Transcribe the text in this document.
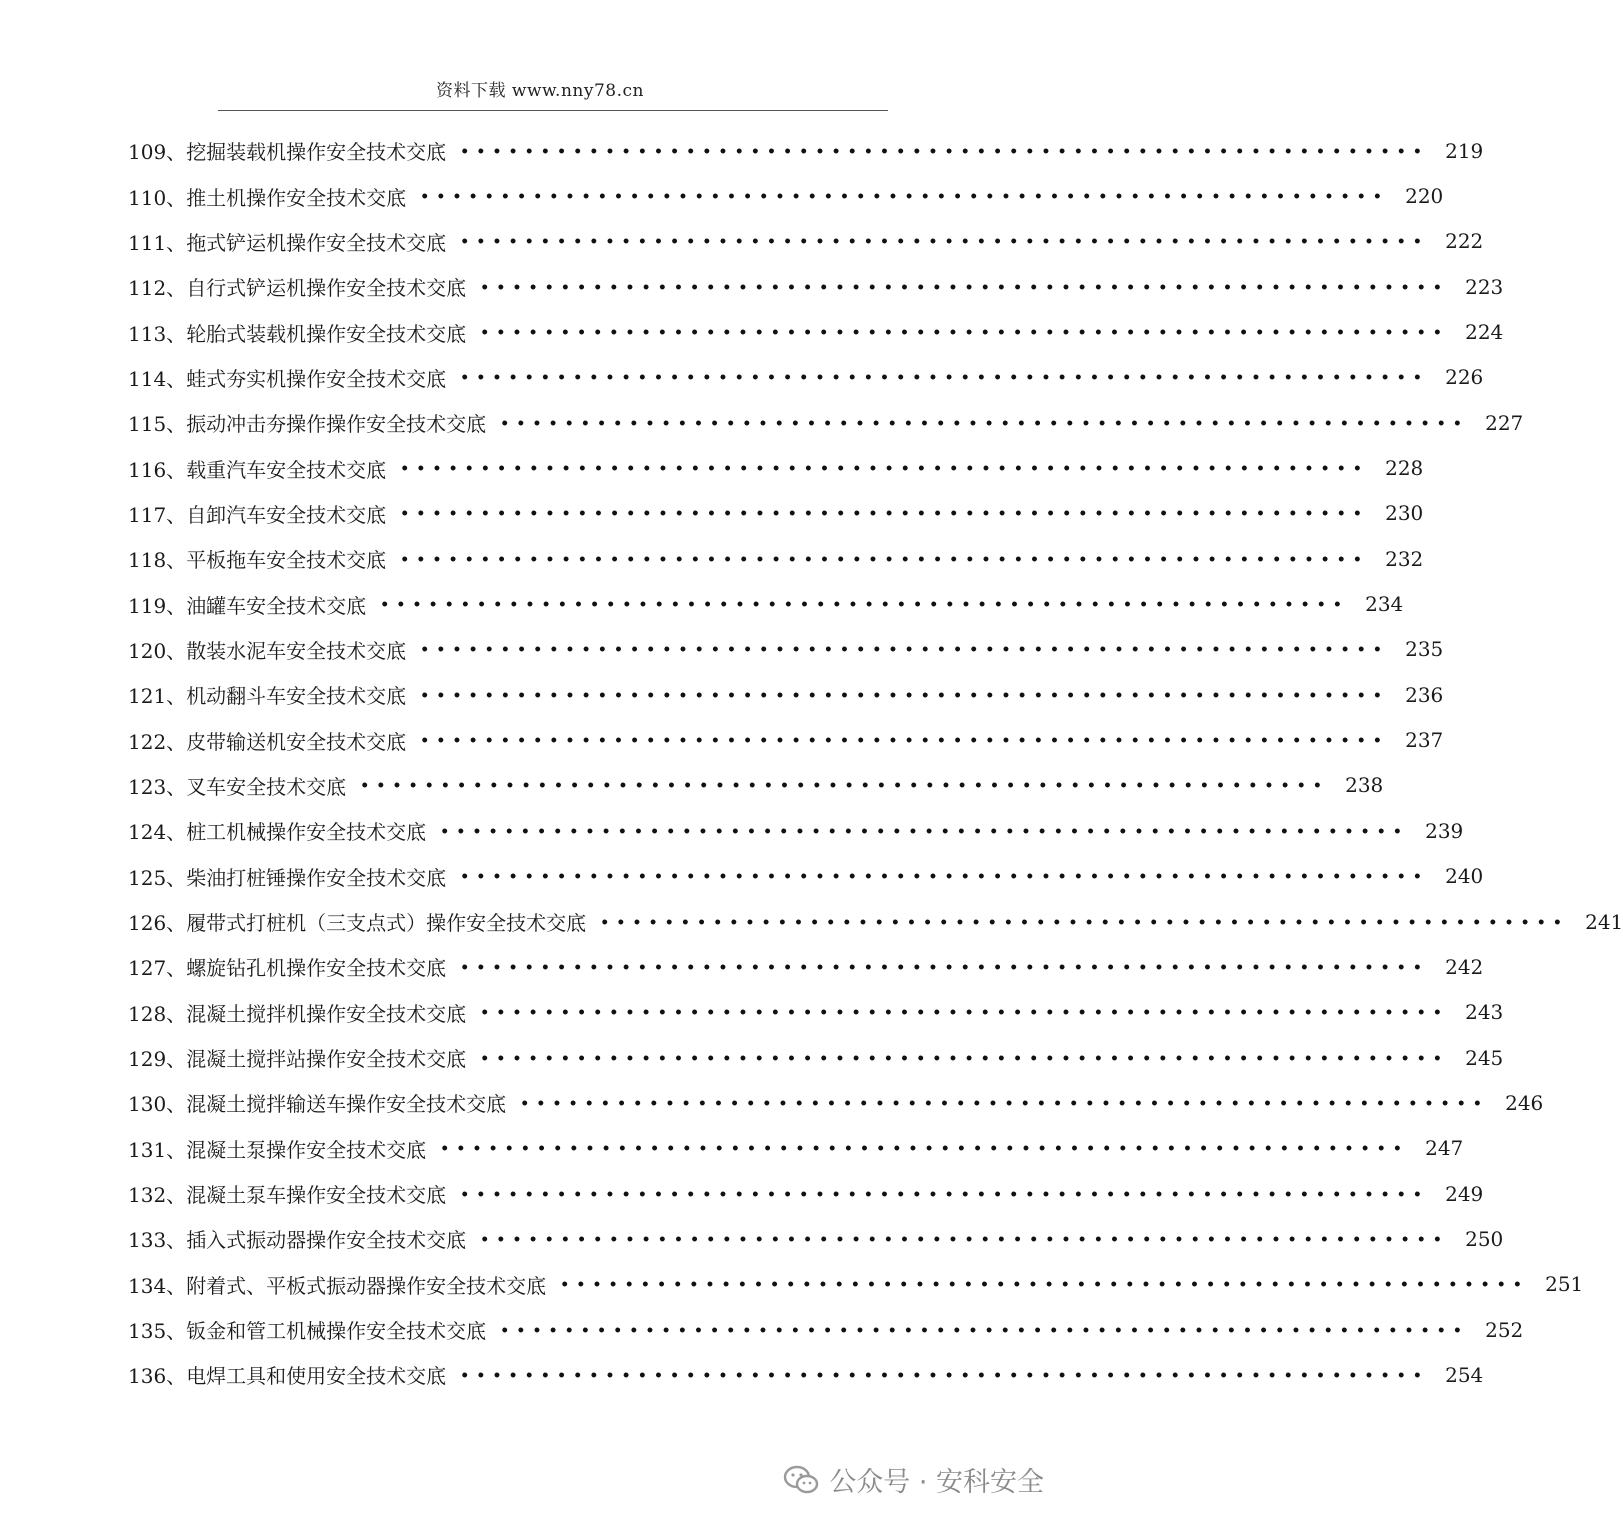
资料下载 www.nny78.cn
109、 挖掘装载机操作安全技术交底 •••••••••••••••••••••••••••••••••••••••••••••••••••••••••••• 219
110、 推土机操作安全技术交底 •••••••••••••••••••••••••••••••••••••••••••••••••••••••••••• 220
111、 拖式铲运机操作安全技术交底 •••••••••••••••••••••••••••••••••••••••••••••••••••••••••••• 222
112、 自行式铲运机操作安全技术交底 •••••••••••••••••••••••••••••••••••••••••••••••••••••••••••• 223
113、 轮胎式装载机操作安全技术交底 •••••••••••••••••••••••••••••••••••••••••••••••••••••••••••• 224
114、 蛙式夯实机操作安全技术交底 •••••••••••••••••••••••••••••••••••••••••••••••••••••••••••• 226
115、 振动冲击夯操作操作安全技术交底 •••••••••••••••••••••••••••••••••••••••••••••••••••••••••••• 227
116、 载重汽车安全技术交底 •••••••••••••••••••••••••••••••••••••••••••••••••••••••••••• 228
117、 自卸汽车安全技术交底 •••••••••••••••••••••••••••••••••••••••••••••••••••••••••••• 230
118、 平板拖车安全技术交底 •••••••••••••••••••••••••••••••••••••••••••••••••••••••••••• 232
119、 油罐车安全技术交底 •••••••••••••••••••••••••••••••••••••••••••••••••••••••••••• 234
120、 散装水泥车安全技术交底 •••••••••••••••••••••••••••••••••••••••••••••••••••••••••••• 235
121、 机动翻斗车安全技术交底 •••••••••••••••••••••••••••••••••••••••••••••••••••••••••••• 236
122、 皮带输送机安全技术交底 •••••••••••••••••••••••••••••••••••••••••••••••••••••••••••• 237
123、 叉车安全技术交底 •••••••••••••••••••••••••••••••••••••••••••••••••••••••••••• 238
124、 桩工机械操作安全技术交底 •••••••••••••••••••••••••••••••••••••••••••••••••••••••••••• 239
125、 柴油打桩锤操作安全技术交底 •••••••••••••••••••••••••••••••••••••••••••••••••••••••••••• 240
126、 履带式打桩机（三支点式）操作安全技术交底 •••••••••••••••••••••••••••••••••••••••••••••••••••••••••••• 241
127、 螺旋钻孔机操作安全技术交底 •••••••••••••••••••••••••••••••••••••••••••••••••••••••••••• 242
128、 混凝土搅拌机操作安全技术交底 •••••••••••••••••••••••••••••••••••••••••••••••••••••••••••• 243
129、 混凝土搅拌站操作安全技术交底 •••••••••••••••••••••••••••••••••••••••••••••••••••••••••••• 245
130、 混凝土搅拌输送车操作安全技术交底 •••••••••••••••••••••••••••••••••••••••••••••••••••••••••••• 246
131、 混凝土泵操作安全技术交底 •••••••••••••••••••••••••••••••••••••••••••••••••••••••••••• 247
132、 混凝土泵车操作安全技术交底 •••••••••••••••••••••••••••••••••••••••••••••••••••••••••••• 249
133、 插入式振动器操作安全技术交底 •••••••••••••••••••••••••••••••••••••••••••••••••••••••••••• 250
134、 附着式、平板式振动器操作安全技术交底 •••••••••••••••••••••••••••••••••••••••••••••••••••••••••••• 251
135、 钣金和管工机械操作安全技术交底 •••••••••••••••••••••••••••••••••••••••••••••••••••••••••••• 252
136、 电焊工具和使用安全技术交底 •••••••••••••••••••••••••••••••••••••••••••••••••••••••••••• 254
公众号 · 安科安全
